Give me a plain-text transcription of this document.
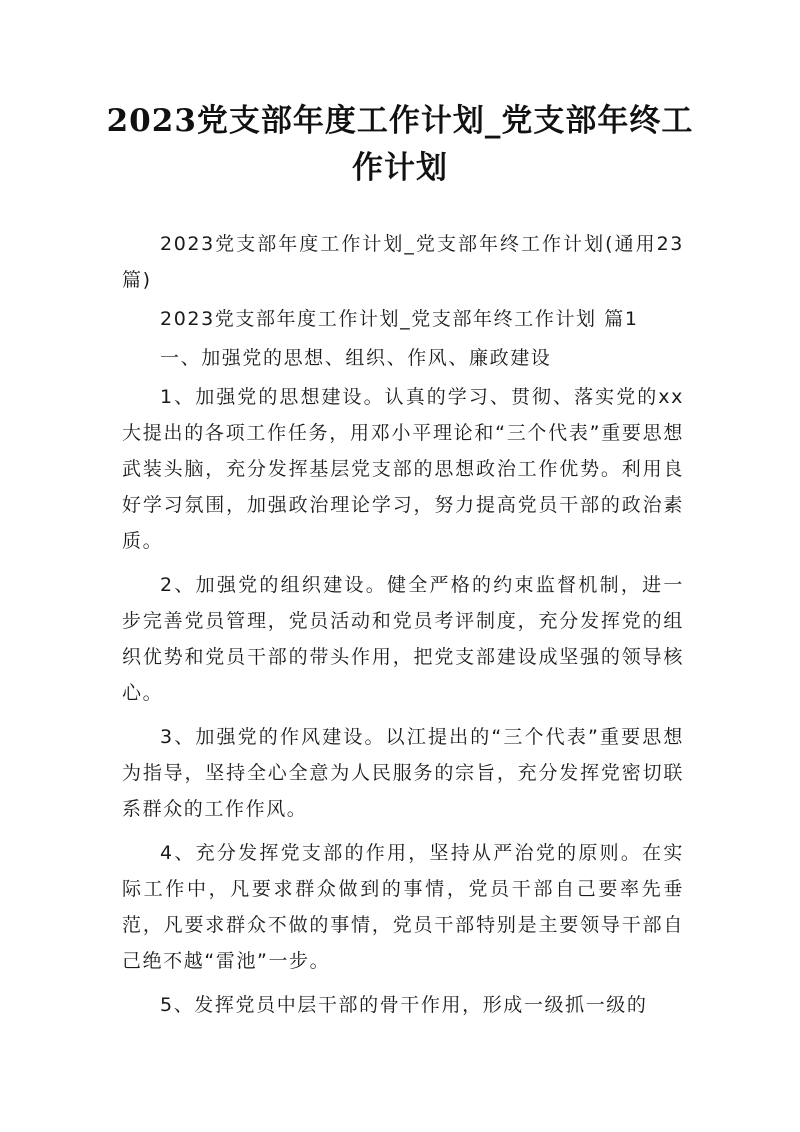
2023党支部年度工作计划_党支部年终工作计划

2023党支部年度工作计划_党支部年终工作计划(通用23篇)

2023党支部年度工作计划_党支部年终工作计划 篇1

一、加强党的思想、组织、作风、廉政建设

1、加强党的思想建设。认真的学习、贯彻、落实党的xx大提出的各项工作任务，用邓小平理论和“三个代表”重要思想武装头脑，充分发挥基层党支部的思想政治工作优势。利用良好学习氛围，加强政治理论学习，努力提高党员干部的政治素质。

2、加强党的组织建设。健全严格的约束监督机制，进一步完善党员管理，党员活动和党员考评制度，充分发挥党的组织优势和党员干部的带头作用，把党支部建设成坚强的领导核心。

3、加强党的作风建设。以江提出的“三个代表”重要思想为指导，坚持全心全意为人民服务的宗旨，充分发挥党密切联系群众的工作作风。

4、充分发挥党支部的作用，坚持从严治党的原则。在实际工作中，凡要求群众做到的事情，党员干部自己要率先垂范，凡要求群众不做的事情，党员干部特别是主要领导干部自己绝不越“雷池”一步。

5、发挥党员中层干部的骨干作用，形成一级抓一级的
